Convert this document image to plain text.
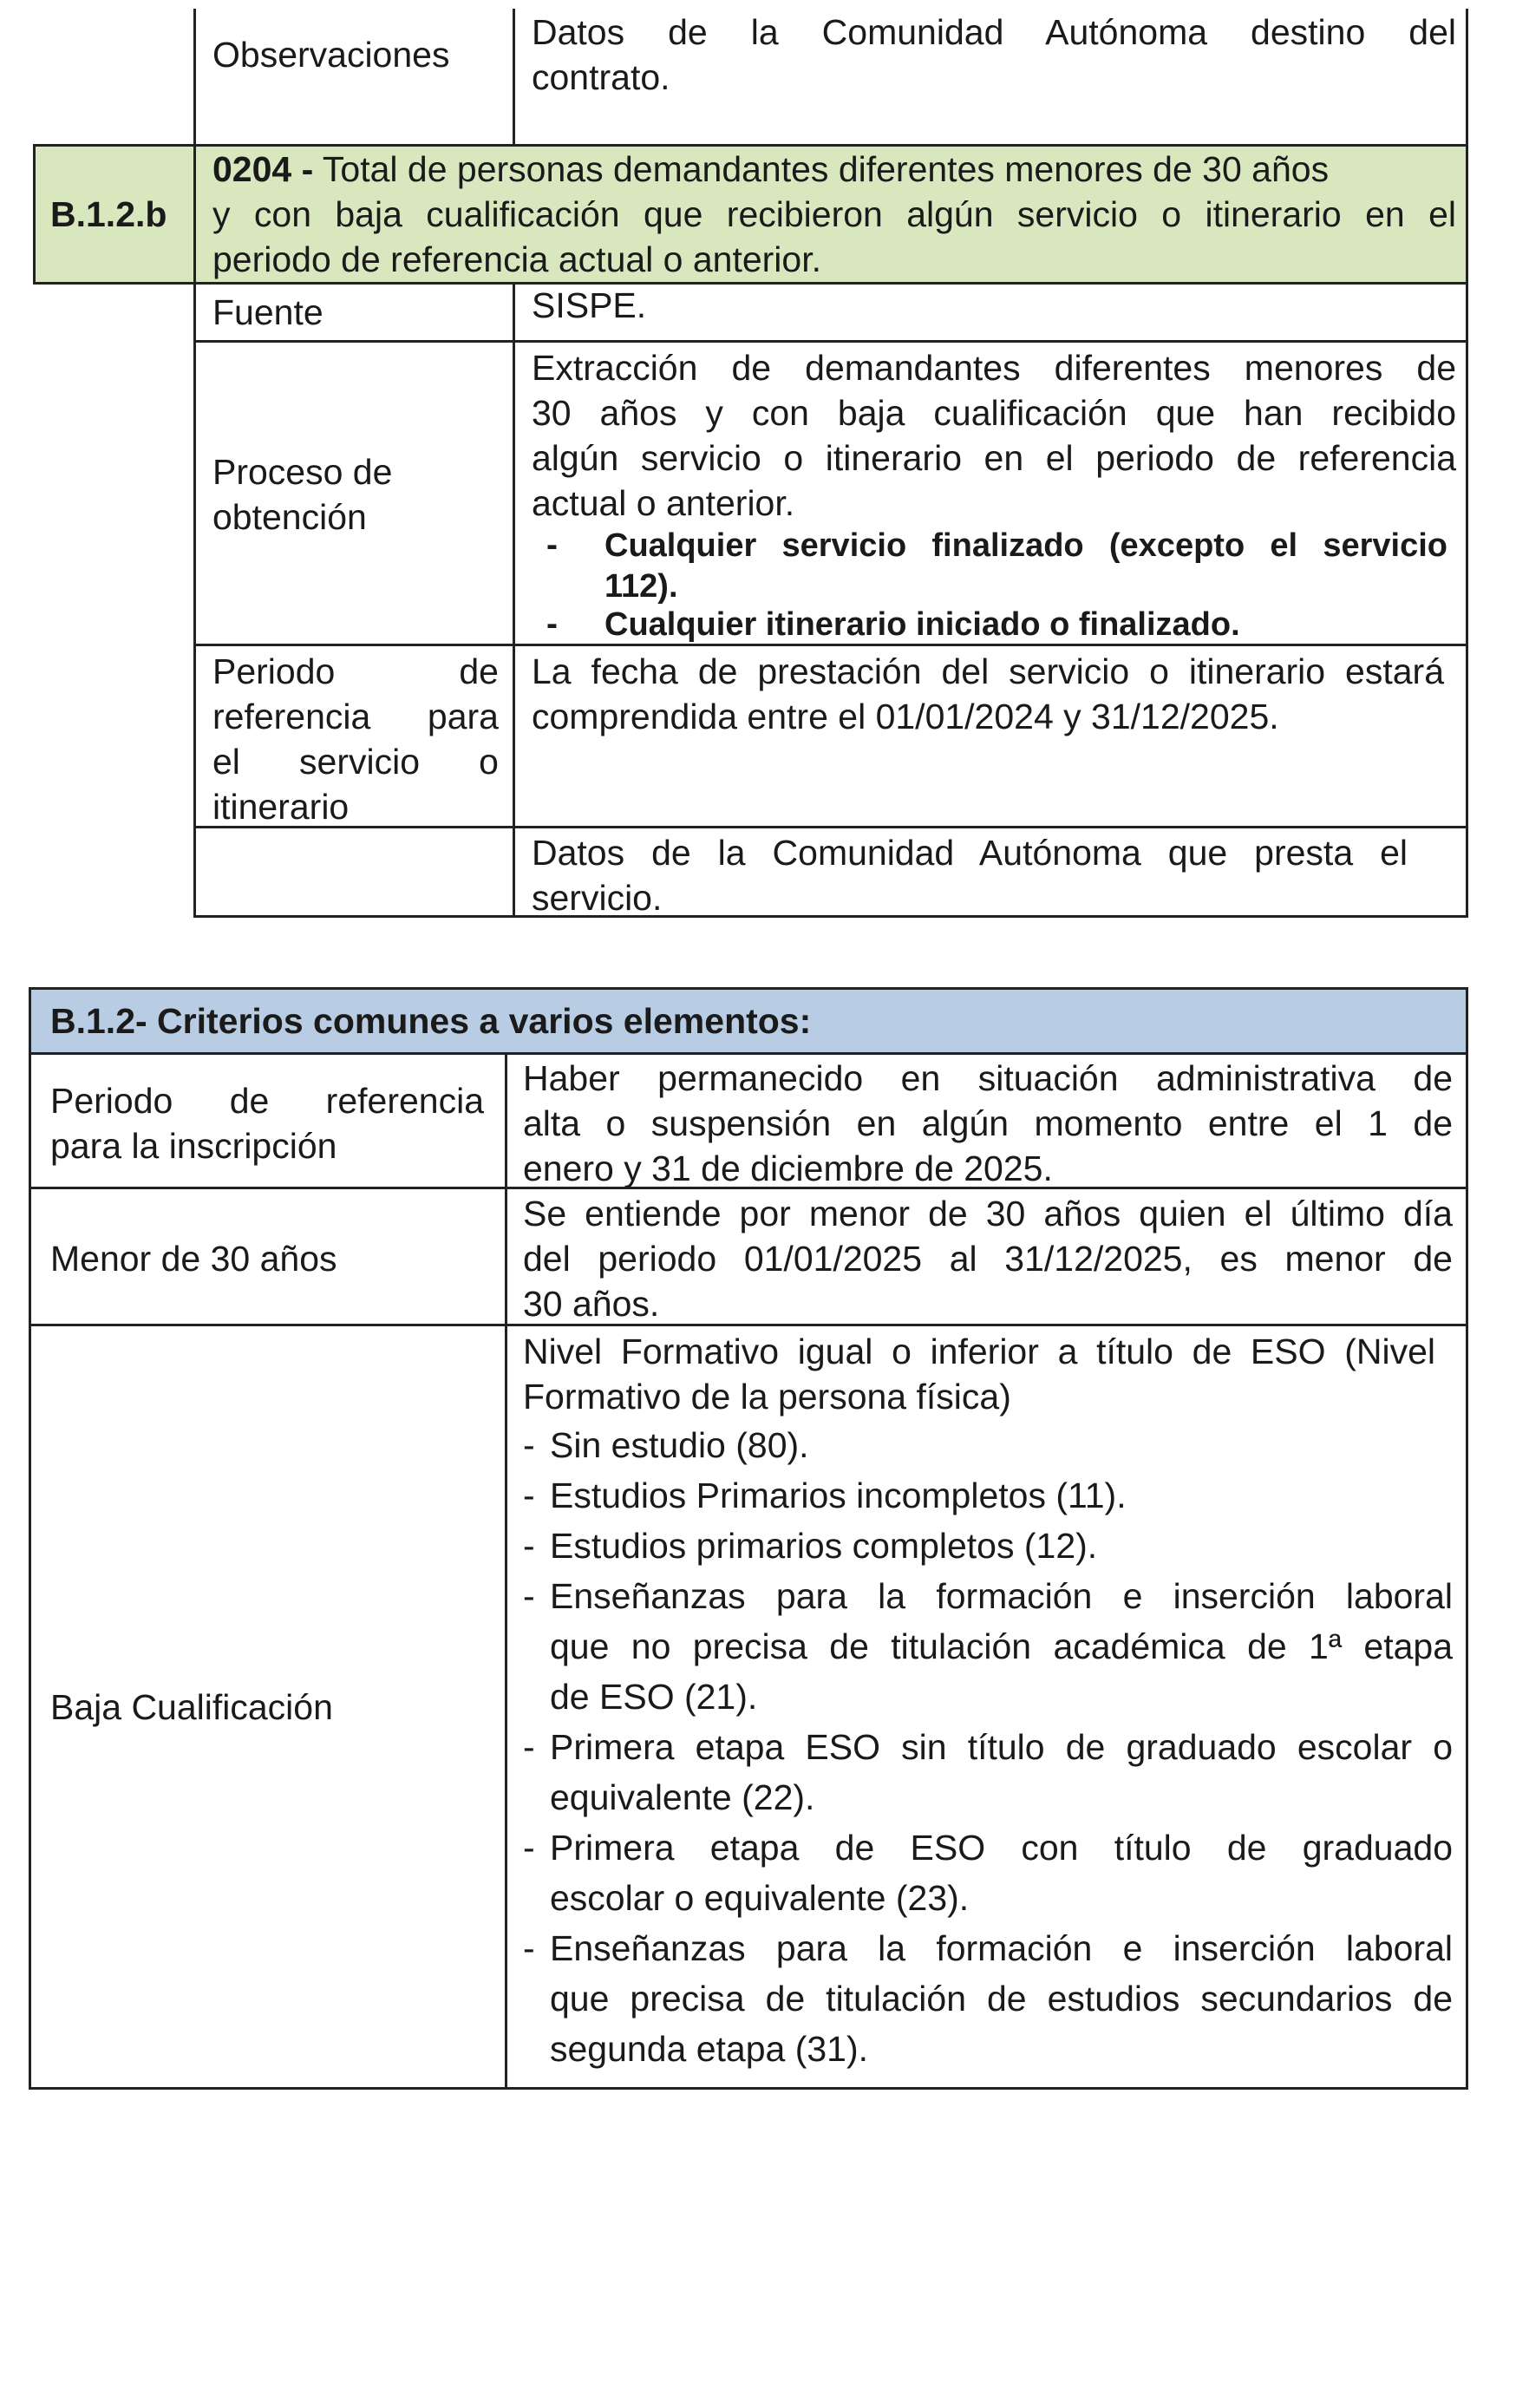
Observaciones
Datos de la Comunidad Autónoma destino del
contrato.
B.1.2.b
0204 - Total de personas demandantes diferentes menores de 30 años
y con baja cualificación que recibieron algún servicio o itinerario en el
periodo de referencia actual o anterior.
Fuente	SISPE.
Proceso de
obtención
Extracción de demandantes diferentes menores de
30 años y con baja cualificación que han recibido
algún servicio o itinerario en el periodo de referencia
actual o anterior.
- Cualquier servicio finalizado (excepto el servicio
112).
- Cualquier itinerario iniciado o finalizado.
Periodo de
referencia para
el servicio o
itinerario
La fecha de prestación del servicio o itinerario estará
comprendida entre el 01/01/2024 y 31/12/2025.
Datos de la Comunidad Autónoma que presta el
servicio.
B.1.2- Criterios comunes a varios elementos:
Periodo de referencia
para la inscripción
Haber permanecido en situación administrativa de
alta o suspensión en algún momento entre el 1 de
enero y 31 de diciembre de 2025.
Menor de 30 años
Se entiende por menor de 30 años quien el último día
del periodo 01/01/2025 al 31/12/2025, es menor de
30 años.
Baja Cualificación
Nivel Formativo igual o inferior a título de ESO (Nivel
Formativo de la persona física)
- Sin estudio (80).
- Estudios Primarios incompletos (11).
- Estudios primarios completos (12).
- Enseñanzas para la formación e inserción laboral
que no precisa de titulación académica de 1ª etapa
de ESO (21).
- Primera etapa ESO sin título de graduado escolar o
equivalente (22).
- Primera etapa de ESO con título de graduado
escolar o equivalente (23).
- Enseñanzas para la formación e inserción laboral
que precisa de titulación de estudios secundarios de
segunda etapa (31).
